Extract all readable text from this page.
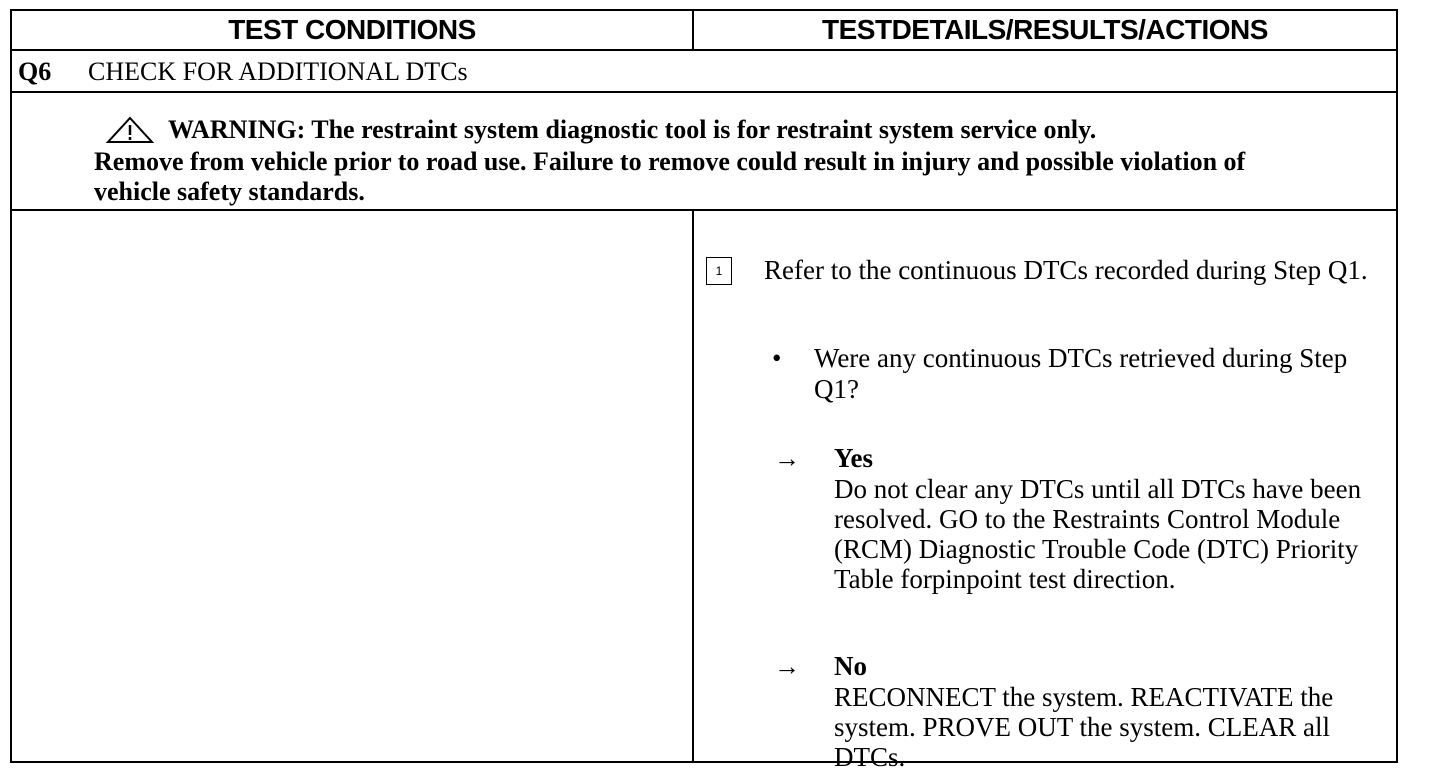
TEST CONDITIONS	TESTDETAILS/RESULTS/ACTIONS
Q6 CHECK FOR ADDITIONAL DTCs
WARNING: The restraint system diagnostic tool is for restraint system service only.
Remove from vehicle prior to road use. Failure to remove could result in injury and possible violation of vehicle safety standards.
1	Refer to the continuous DTCs recorded during Step Q1.
• Were any continuous DTCs retrieved during Step Q1?
→ Yes
Do not clear any DTCs until all DTCs have been resolved. GO to the Restraints Control Module (RCM) Diagnostic Trouble Code (DTC) Priority Table forpinpoint test direction.
→ No
RECONNECT the system. REACTIVATE the system. PROVE OUT the system. CLEAR all DTCs.
